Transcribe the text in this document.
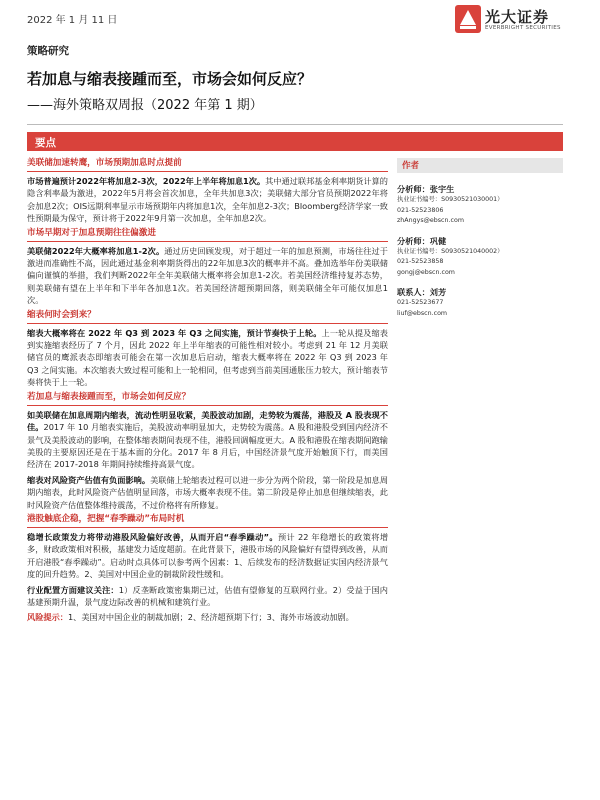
2022 年 1 月 11 日	光大证券
EVERBRIGHT SECURITIES
策略研究
若加息与缩表接踵而至，市场会如何反应？
——海外策略双周报（2022 年第 1 期）
要点
美联储加速转鹰，市场预期加息时点提前

市场普遍预计2022年将加息2-3次，2022年上半年将加息1次。其中通过联邦基金利率期货计算的隐含利率最为激进，2022年5月将会首次加息，全年共加息3次；美联储大部分官员预期2022年将会加息2次；OIS远期利率显示市场预期年内将加息1次，全年加息2-3次；Bloomberg经济学家一致性预期最为保守，预计将于2022年9月第一次加息，全年加息2次。

市场早期对于加息预期往往偏激进

美联储2022年大概率将加息1-2次。通过历史回顾发现，对于超过一年的加息预测，市场往往过于激进而准确性不高，因此通过基金利率期货得出的22年加息3次的概率并不高。叠加选举年份美联储偏向谨慎的举措，我们判断2022年全年美联储大概率将会加息1-2次。若美国经济维持复苏态势，则美联储有望在上半年和下半年各加息1次。若美国经济超预期回落，则美联储全年可能仅加息1次。

缩表何时会到来？

缩表大概率将在 2022 年 Q3 到 2023 年 Q3 之间实施，预计节奏快于上轮。上一轮从提及缩表到实施缩表经历了 7 个月，因此 2022 年上半年缩表的可能性相对较小。考虑到 21 年 12 月美联储官员的鹰派表态即缩表可能会在第一次加息后启动，缩表大概率将在 2022 年 Q3 到 2023 年 Q3 之间实施。本次缩表大致过程可能和上一轮相同，但考虑到当前美国通胀压力较大，预计缩表节奏将快于上一轮。

若加息与缩表接踵而至，市场会如何反应？

如美联储在加息周期内缩表，流动性明显收紧，美股波动加剧，走势较为震荡，港股及 A 股表现不佳。2017 年 10 月缩表实施后，美股波动率明显加大，走势较为震荡。A 股和港股受到国内经济不景气及美股波动的影响，在整体缩表期间表现不佳，港股回调幅度更大。A 股和港股在缩表期间跑输美股的主要原因还是在于基本面的分化。2017 年 8 月后，中国经济景气度开始触顶下行，而美国经济在 2017-2018 年期间持续维持高景气度。

缩表对风险资产估值有负面影响。美联储上轮缩表过程可以进一步分为两个阶段，第一阶段是加息周期内缩表，此时风险资产估值明显回落，市场大概率表现不佳。第二阶段是停止加息但继续缩表，此时风险资产估值整体维持震荡，不过价格将有所修复。

港股触底企稳，把握“春季躁动”布局时机

稳增长政策发力将带动港股风险偏好改善，从而开启“春季躁动”。预计 22 年稳增长的政策将增多，财政政策相对积极，基建发力适度超前。在此背景下，港股市场的风险偏好有望得到改善，从而开启港股“春季躁动”。启动时点具体可以参考两个因素：1、后续发布的经济数据证实国内经济景气度的回升趋势。2、美国对中国企业的制裁阶段性缓和。

行业配置方面建议关注：1）反垄断政策密集期已过，估值有望修复的互联网行业。2）受益于国内基建预期升温，景气度边际改善的机械和建筑行业。

风险提示：1、美国对中国企业的制裁加剧；2、经济超预期下行；3、海外市场波动加剧。

作者
分析师：张宇生
执业证书编号：S0930521030001）
021-52523806
zhAngys@ebscn.com
分析师：巩健
执业证书编号：S0930521040002）
021-52523858
gongj@ebscn.com
联系人：刘芳
021-52523677
liuf@ebscn.com
